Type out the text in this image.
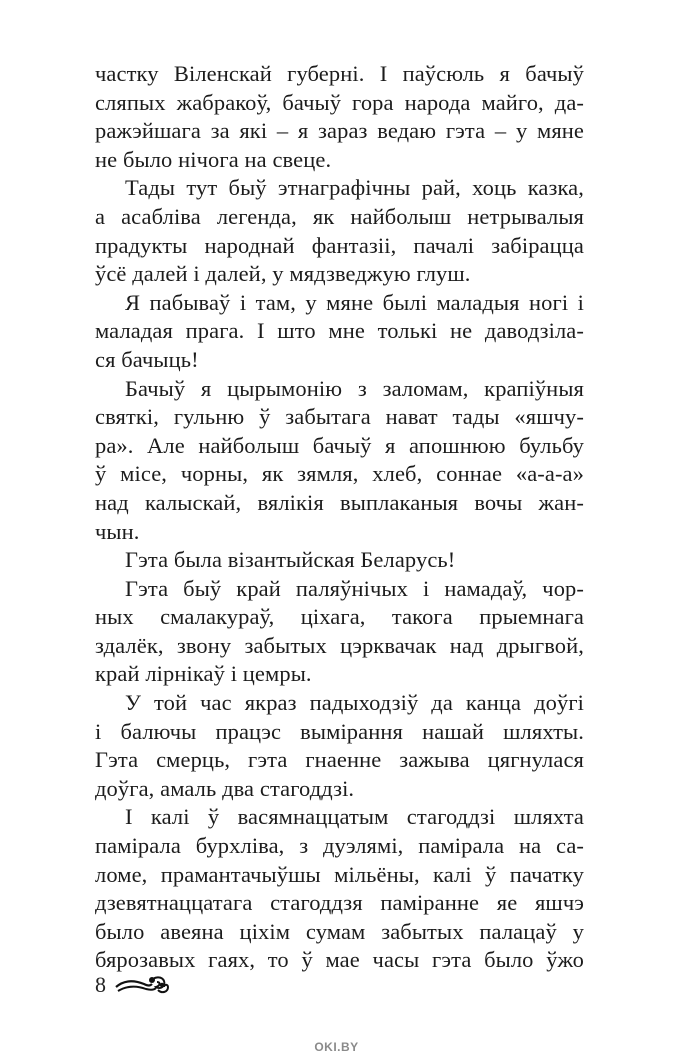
частку Віленскай губерні. І паўсюль я бачыў
сляпых жабракоў, бачыў гора народа майго, да-
ражэйшага за які – я зараз ведаю гэта – у мяне
не было нічога на свеце.
Тады тут быў этнаграфічны рай, хоць казка,
а асабліва легенда, як найболыш нетрывалыя
прадукты народнай фантазіі, пачалі забірацца
ўсё далей і далей, у мядзведжую глуш.
Я пабываў і там, у мяне былі маладыя ногі і
маладая прага. І што мне толькі не даводзіла-
ся бачыць!
Бачыў я цырымонію з заломам, крапіўныя
святкі, гульню ў забытага нават тады «яшчу-
ра». Але найболыш бачыў я апошнюю бульбу
ў місе, чорны, як зямля, хлеб, соннае «а-а-а»
над калыскай, вялікія выплаканыя вочы жан-
чын.
Гэта была візантыйская Беларусь!
Гэта быў край паляўнічых і намадаў, чор-
ных смалакураў, ціхага, такога прыемнага
здалёк, звону забытых цэрквачак над дрыгвой,
край лірнікаў і цемры.
У той час якраз падыходзіў да канца доўгі
і балючы працэс вымірання нашай шляхты.
Гэта смерць, гэта гнаенне зажыва цягнулася
доўга, амаль два стагоддзі.
І калі ў васямнаццатым стагоддзі шляхта
памірала бурхліва, з дуэлямі, памірала на са-
ломе, прамантачыўшы мільёны, калі ў пачатку
дзевятнаццатага стагоддзя паміранне яе яшчэ
было авеяна ціхім сумам забытых палацаў у
бярозавых гаях, то ў мае часы гэта было ўжо
8
OKI.BY
